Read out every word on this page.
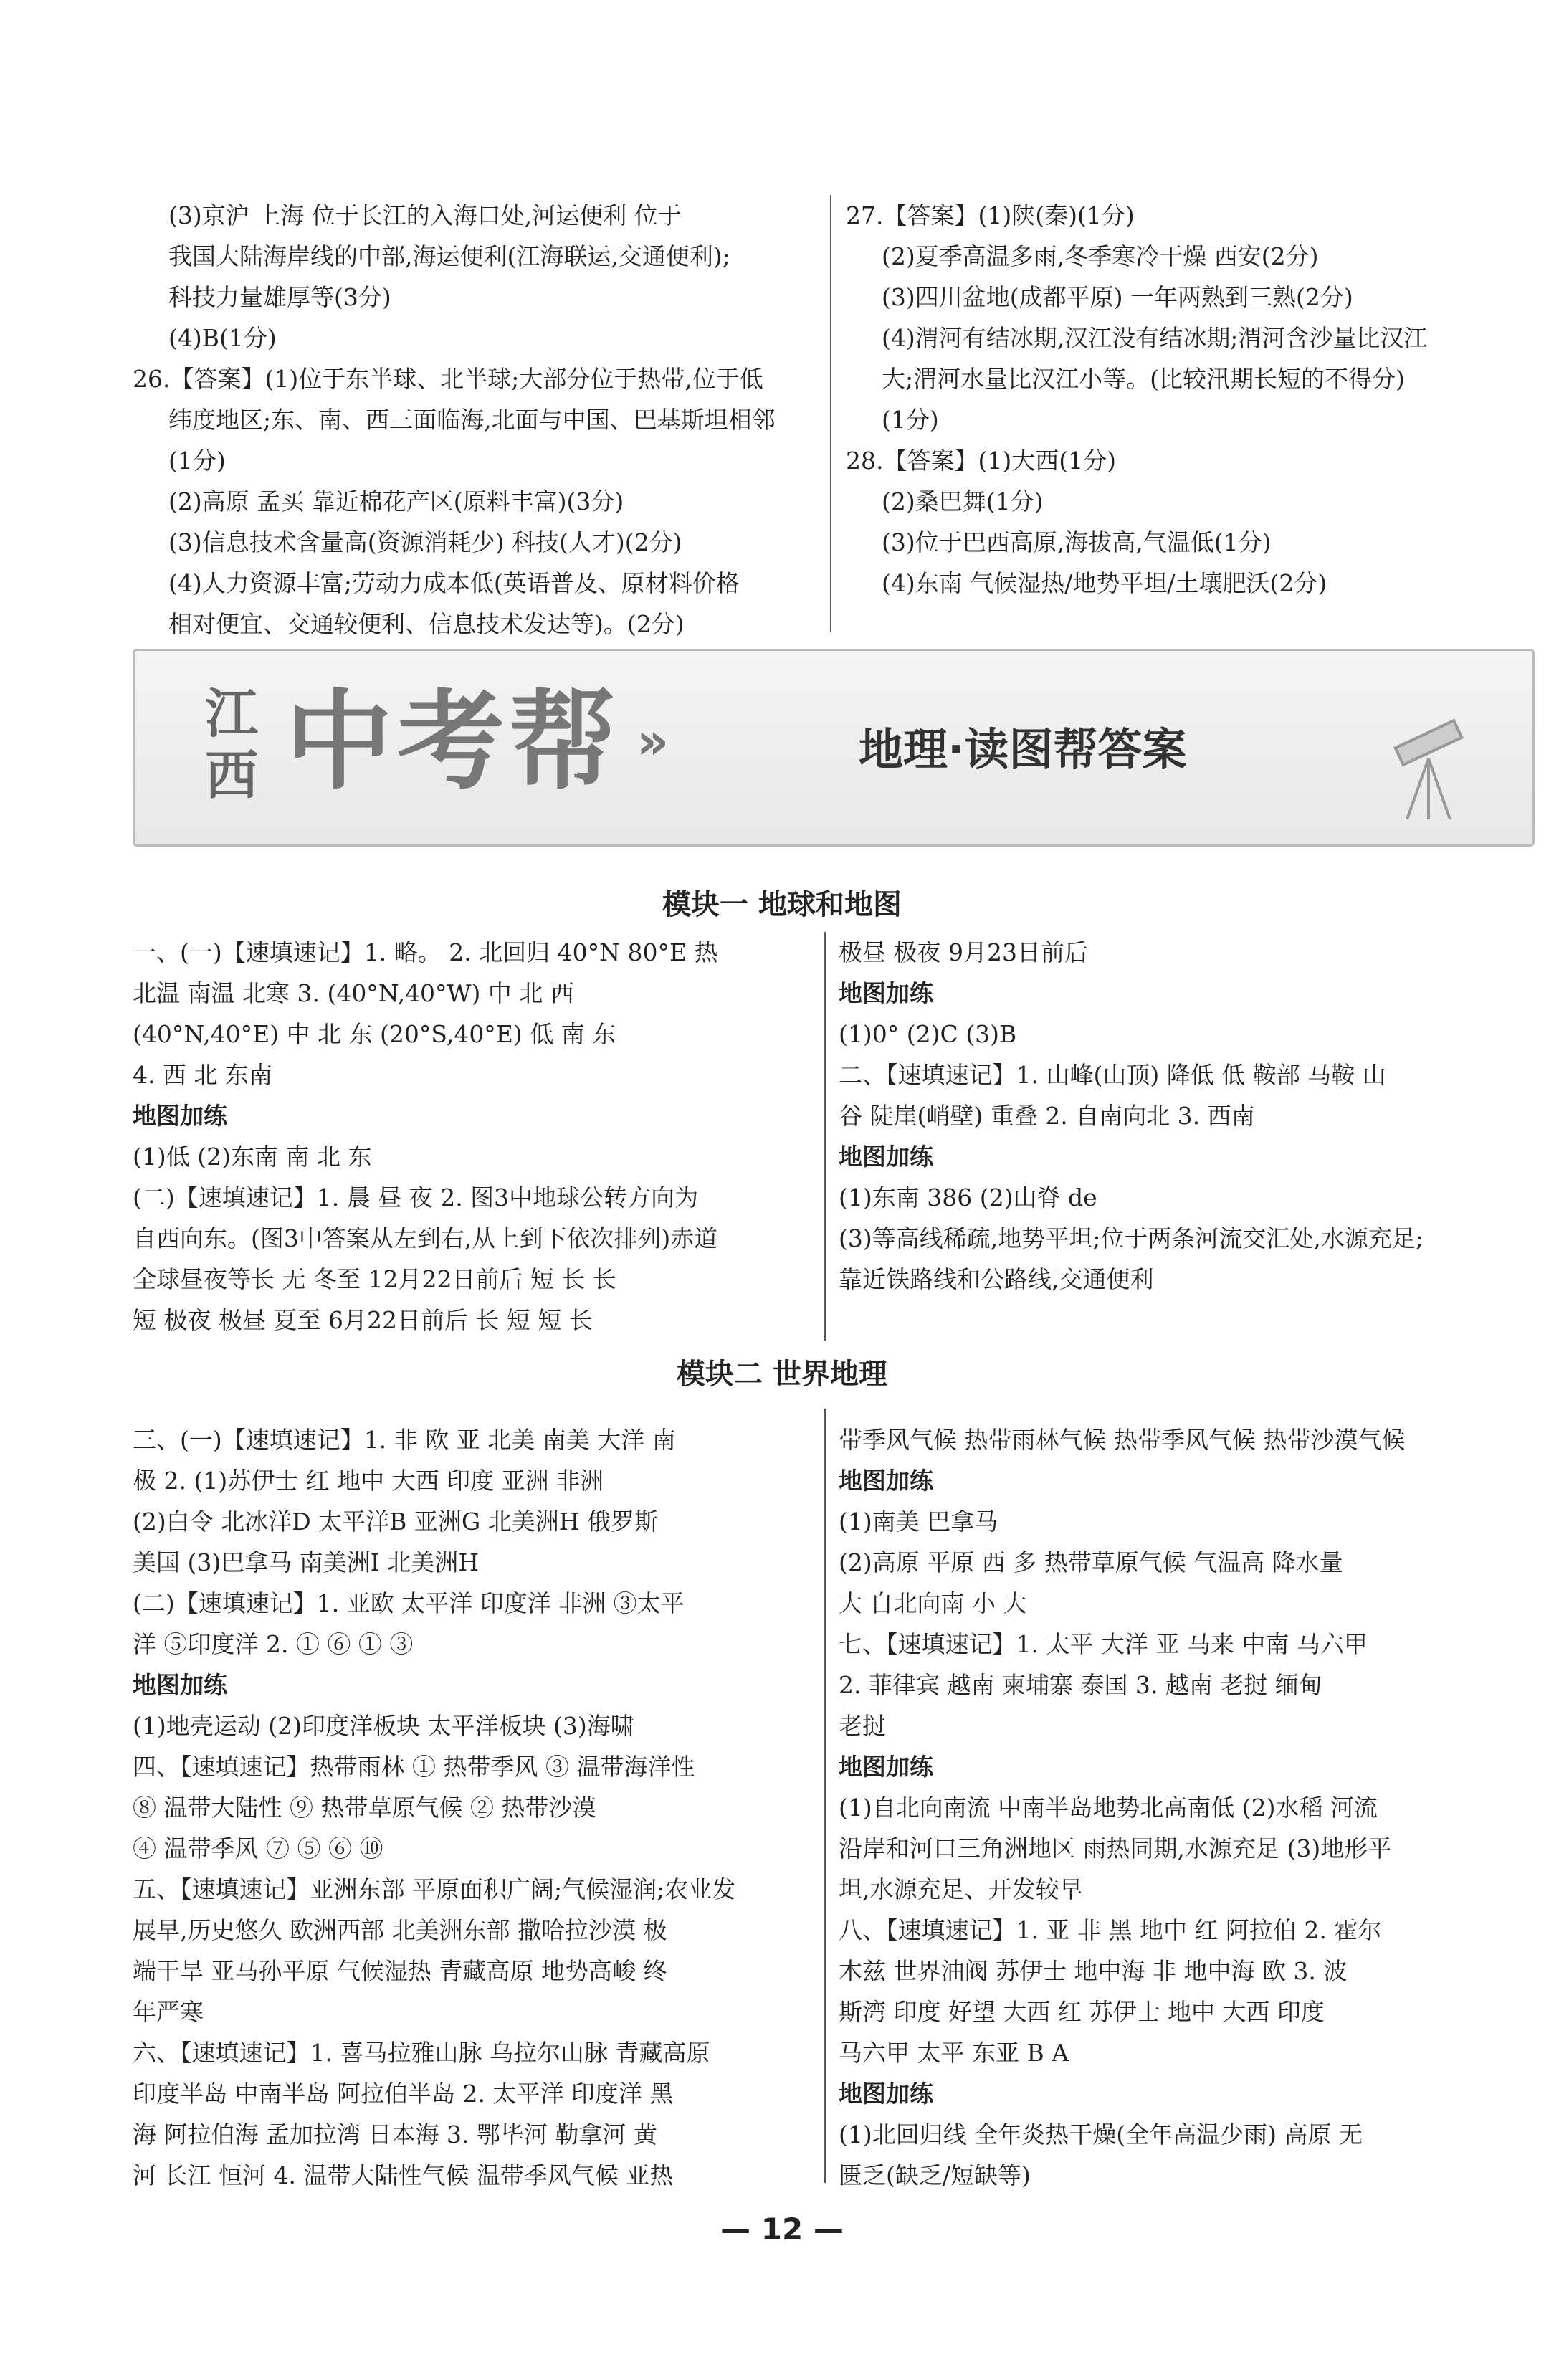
(3)京沪 上海 位于长江的入海口处,河运便利 位于

我国大陆海岸线的中部,海运便利(江海联运,交通便利);

科技力量雄厚等(3分)

(4)B(1分)

26.【答案】(1)位于东半球、北半球;大部分位于热带,位于低

纬度地区;东、南、西三面临海,北面与中国、巴基斯坦相邻

(1分)

(2)高原 孟买 靠近棉花产区(原料丰富)(3分)

(3)信息技术含量高(资源消耗少) 科技(人才)(2分)

(4)人力资源丰富;劳动力成本低(英语普及、原材料价格

相对便宜、交通较便利、信息技术发达等)。(2分)

27.【答案】(1)陕(秦)(1分)

(2)夏季高温多雨,冬季寒冷干燥 西安(2分)

(3)四川盆地(成都平原) 一年两熟到三熟(2分)

(4)渭河有结冰期,汉江没有结冰期;渭河含沙量比汉江

大;渭河水量比汉江小等。(比较汛期长短的不得分)

(1分)

28.【答案】(1)大西(1分)

(2)桑巴舞(1分)

(3)位于巴西高原,海拔高,气温低(1分)

(4)东南 气候湿热/地势平坦/土壤肥沃(2分)

江西 中考帮 »	地理·读图帮答案
模块一 地球和地图

一、(一)【速填速记】1. 略。 2. 北回归 40°N 80°E 热

北温 南温 北寒 3. (40°N,40°W) 中 北 西

(40°N,40°E) 中 北 东 (20°S,40°E) 低 南 东

4. 西 北 东南

地图加练

(1)低 (2)东南 南 北 东

(二)【速填速记】1. 晨 昼 夜 2. 图3中地球公转方向为

自西向东。(图3中答案从左到右,从上到下依次排列)赤道

全球昼夜等长 无 冬至 12月22日前后 短 长 长

短 极夜 极昼 夏至 6月22日前后 长 短 短 长

极昼 极夜 9月23日前后

地图加练

(1)0° (2)C (3)B

二、【速填速记】1. 山峰(山顶) 降低 低 鞍部 马鞍 山

谷 陡崖(峭壁) 重叠 2. 自南向北 3. 西南

地图加练

(1)东南 386 (2)山脊 de

(3)等高线稀疏,地势平坦;位于两条河流交汇处,水源充足;

靠近铁路线和公路线,交通便利

模块二 世界地理

三、(一)【速填速记】1. 非 欧 亚 北美 南美 大洋 南

极 2. (1)苏伊士 红 地中 大西 印度 亚洲 非洲

(2)白令 北冰洋D 太平洋B 亚洲G 北美洲H 俄罗斯

美国 (3)巴拿马 南美洲I 北美洲H

(二)【速填速记】1. 亚欧 太平洋 印度洋 非洲 ③太平

洋 ⑤印度洋 2. ① ⑥ ① ③

地图加练

(1)地壳运动 (2)印度洋板块 太平洋板块 (3)海啸

四、【速填速记】热带雨林 ① 热带季风 ③ 温带海洋性

⑧ 温带大陆性 ⑨ 热带草原气候 ② 热带沙漠

④ 温带季风 ⑦ ⑤ ⑥ ⑩

五、【速填速记】亚洲东部 平原面积广阔;气候湿润;农业发

展早,历史悠久 欧洲西部 北美洲东部 撒哈拉沙漠 极

端干旱 亚马孙平原 气候湿热 青藏高原 地势高峻 终

年严寒

六、【速填速记】1. 喜马拉雅山脉 乌拉尔山脉 青藏高原

印度半岛 中南半岛 阿拉伯半岛 2. 太平洋 印度洋 黑

海 阿拉伯海 孟加拉湾 日本海 3. 鄂毕河 勒拿河 黄

河 长江 恒河 4. 温带大陆性气候 温带季风气候 亚热

带季风气候 热带雨林气候 热带季风气候 热带沙漠气候

地图加练

(1)南美 巴拿马

(2)高原 平原 西 多 热带草原气候 气温高 降水量

大 自北向南 小 大

七、【速填速记】1. 太平 大洋 亚 马来 中南 马六甲

2. 菲律宾 越南 柬埔寨 泰国 3. 越南 老挝 缅甸

老挝

地图加练

(1)自北向南流 中南半岛地势北高南低 (2)水稻 河流

沿岸和河口三角洲地区 雨热同期,水源充足 (3)地形平

坦,水源充足、开发较早

八、【速填速记】1. 亚 非 黑 地中 红 阿拉伯 2. 霍尔

木兹 世界油阀 苏伊士 地中海 非 地中海 欧 3. 波

斯湾 印度 好望 大西 红 苏伊士 地中 大西 印度

马六甲 太平 东亚 B A

地图加练

(1)北回归线 全年炎热干燥(全年高温少雨) 高原 无

匮乏(缺乏/短缺等)

— 12 —
